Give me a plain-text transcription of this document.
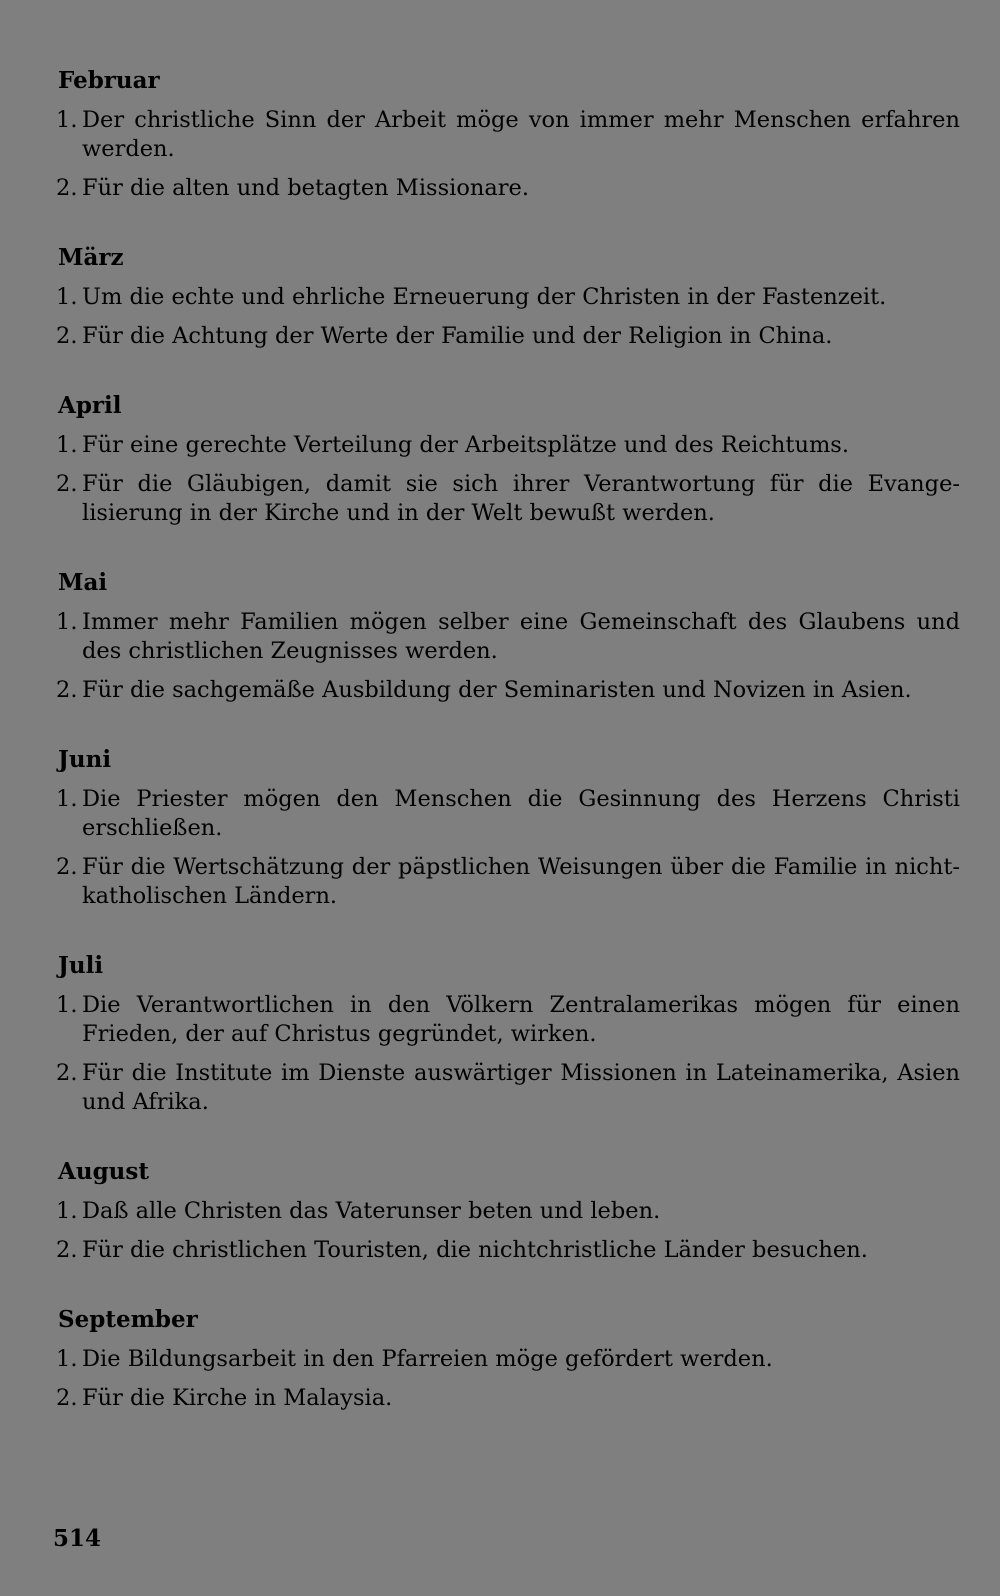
Februar
1. Der christliche Sinn der Arbeit möge von immer mehr Menschen erfahren werden.
2. Für die alten und betagten Missionare.
März
1. Um die echte und ehrliche Erneuerung der Christen in der Fastenzeit.
2. Für die Achtung der Werte der Familie und der Religion in China.
April
1. Für eine gerechte Verteilung der Arbeitsplätze und des Reichtums.
2. Für die Gläubigen, damit sie sich ihrer Verantwortung für die Evange-lisierung in der Kirche und in der Welt bewußt werden.
Mai
1. Immer mehr Familien mögen selber eine Gemeinschaft des Glaubens und des christlichen Zeugnisses werden.
2. Für die sachgemäße Ausbildung der Seminaristen und Novizen in Asien.
Juni
1. Die Priester mögen den Menschen die Gesinnung des Herzens Christi erschließen.
2. Für die Wertschätzung der päpstlichen Weisungen über die Familie in nicht-katholischen Ländern.
Juli
1. Die Verantwortlichen in den Völkern Zentralamerikas mögen für einen Frieden, der auf Christus gegründet, wirken.
2. Für die Institute im Dienste auswärtiger Missionen in Lateinamerika, Asien und Afrika.
August
1. Daß alle Christen das Vaterunser beten und leben.
2. Für die christlichen Touristen, die nichtchristliche Länder besuchen.
September
1. Die Bildungsarbeit in den Pfarreien möge gefördert werden.
2. Für die Kirche in Malaysia.
514
